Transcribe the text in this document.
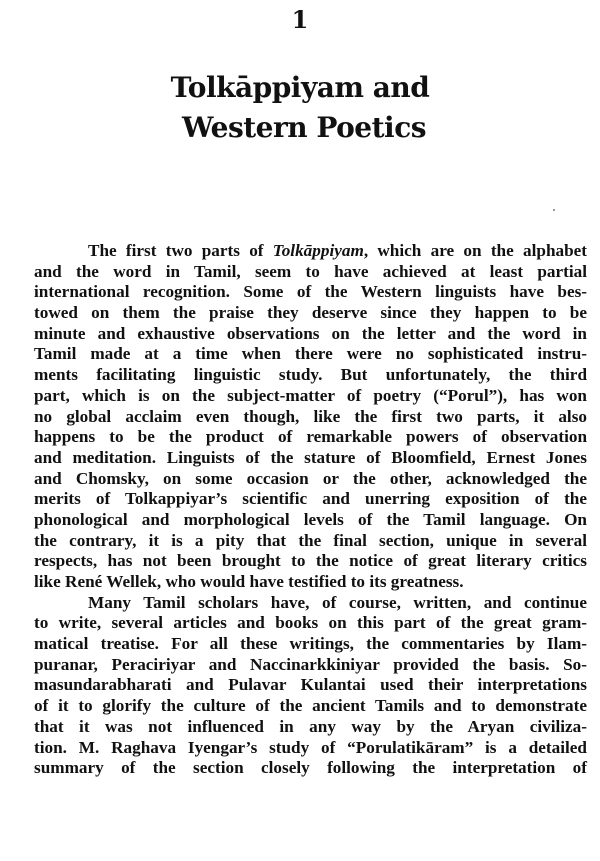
1
Tolkāppiyam and
Western Poetics
The first two parts of Tolkāppiyam, which are on the alphabet
and the word in Tamil, seem to have achieved at least partial
international recognition. Some of the Western linguists have bes-
towed on them the praise they deserve since they happen to be
minute and exhaustive observations on the letter and the word in
Tamil made at a time when there were no sophisticated instru-
ments facilitating linguistic study. But unfortunately, the third
part, which is on the subject-matter of poetry (“Porul”), has won
no global acclaim even though, like the first two parts, it also
happens to be the product of remarkable powers of observation
and meditation. Linguists of the stature of Bloomfield, Ernest Jones
and Chomsky, on some occasion or the other, acknowledged the
merits of Tolkappiyar’s scientific and unerring exposition of the
phonological and morphological levels of the Tamil language. On
the contrary, it is a pity that the final section, unique in several
respects, has not been brought to the notice of great literary critics
like René Wellek, who would have testified to its greatness.
Many Tamil scholars have, of course, written, and continue
to write, several articles and books on this part of the great gram-
matical treatise. For all these writings, the commentaries by Ilam-
puranar, Peraciriyar and Naccinarkkiniyar provided the basis. So-
masundarabharati and Pulavar Kulantai used their interpretations
of it to glorify the culture of the ancient Tamils and to demonstrate
that it was not influenced in any way by the Aryan civiliza-
tion. M. Raghava Iyengar’s study of “Porulatikāram” is a detailed
summary of the section closely following the interpretation of
